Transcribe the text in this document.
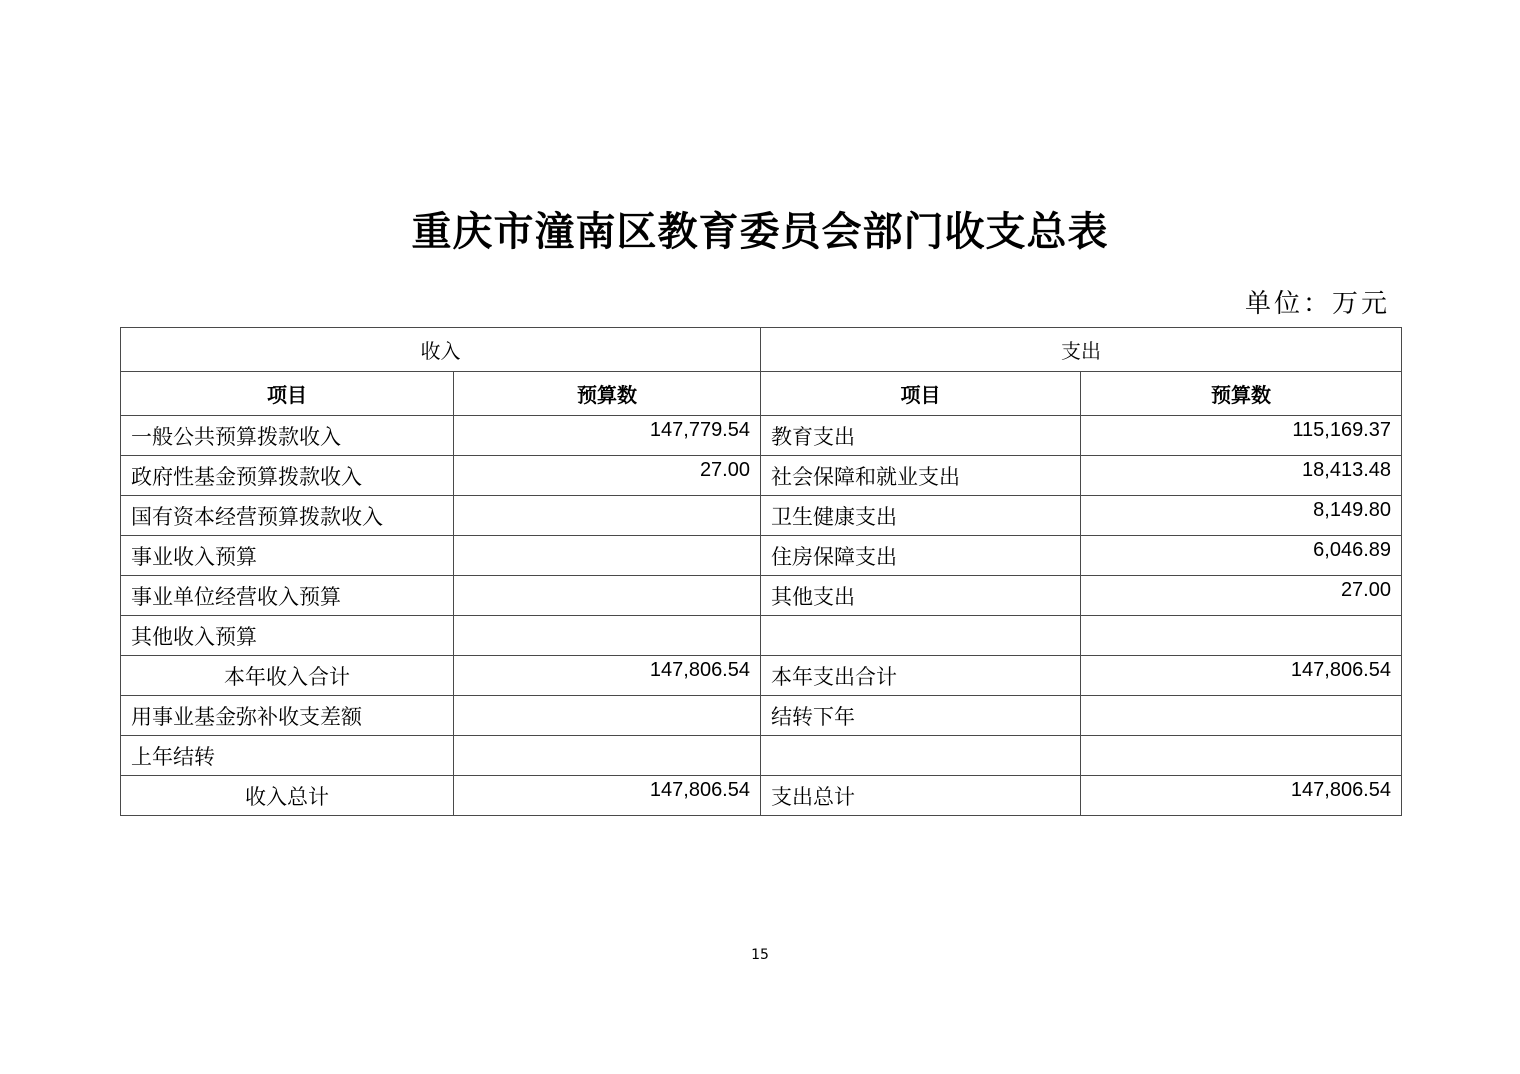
重庆市潼南区教育委员会部门收支总表
单位：万元
收入		支出	
项目	预算数	项目	预算数
一般公共预算拨款收入	147,779.54	教育支出	115,169.37
政府性基金预算拨款收入	27.00	社会保障和就业支出	18,413.48
国有资本经营预算拨款收入		卫生健康支出	8,149.80
事业收入预算		住房保障支出	6,046.89
事业单位经营收入预算		其他支出	27.00
其他收入预算			
本年收入合计	147,806.54	本年支出合计	147,806.54
用事业基金弥补收支差额		结转下年	
上年结转			
收入总计	147,806.54	支出总计	147,806.54
15
